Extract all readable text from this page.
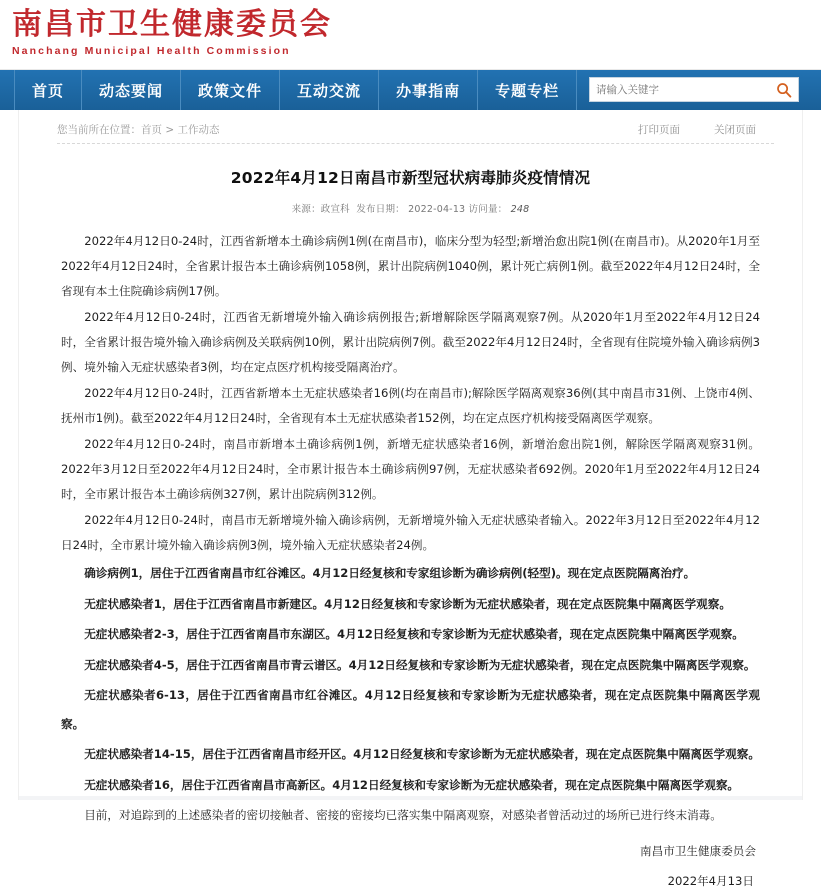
南昌市卫生健康委员会
Nanchang Municipal Health Commission
首页	动态要闻	政策文件	互动交流	办事指南	专题专栏
请输入关键字
您当前所在位置：首页 > 工作动态	打印页面	关闭页面
2022年4月12日南昌市新型冠状病毒肺炎疫情情况
来源：政宣科 发布日期： 2022-04-13 访问量： 248

2022年4月12日0-24时，江西省新增本土确诊病例1例(在南昌市)，临床分型为轻型;新增治愈出院1例(在南昌市)。从2020年1月至2022年4月12日24时，全省累计报告本土确诊病例1058例，累计出院病例1040例，累计死亡病例1例。截至2022年4月12日24时，全省现有本土住院确诊病例17例。

2022年4月12日0-24时，江西省无新增境外输入确诊病例报告;新增解除医学隔离观察7例。从2020年1月至2022年4月12日24时，全省累计报告境外输入确诊病例及关联病例10例，累计出院病例7例。截至2022年4月12日24时，全省现有住院境外输入确诊病例3例、境外输入无症状感染者3例，均在定点医疗机构接受隔离治疗。

2022年4月12日0-24时，江西省新增本土无症状感染者16例(均在南昌市);解除医学隔离观察36例(其中南昌市31例、上饶市4例、抚州市1例)。截至2022年4月12日24时，全省现有本土无症状感染者152例，均在定点医疗机构接受隔离医学观察。

2022年4月12日0-24时，南昌市新增本土确诊病例1例，新增无症状感染者16例，新增治愈出院1例，解除医学隔离观察31例。2022年3月12日至2022年4月12日24时，全市累计报告本土确诊病例97例，无症状感染者692例。2020年1月至2022年4月12日24时，全市累计报告本土确诊病例327例，累计出院病例312例。

2022年4月12日0-24时，南昌市无新增境外输入确诊病例，无新增境外输入无症状感染者输入。2022年3月12日至2022年4月12日24时，全市累计境外输入确诊病例3例，境外输入无症状感染者24例。

确诊病例1，居住于江西省南昌市红谷滩区。4月12日经复核和专家组诊断为确诊病例(轻型)。现在定点医院隔离治疗。

无症状感染者1，居住于江西省南昌市新建区。4月12日经复核和专家诊断为无症状感染者，现在定点医院集中隔离医学观察。

无症状感染者2-3，居住于江西省南昌市东湖区。4月12日经复核和专家诊断为无症状感染者，现在定点医院集中隔离医学观察。

无症状感染者4-5，居住于江西省南昌市青云谱区。4月12日经复核和专家诊断为无症状感染者，现在定点医院集中隔离医学观察。

无症状感染者6-13，居住于江西省南昌市红谷滩区。4月12日经复核和专家诊断为无症状感染者，现在定点医院集中隔离医学观察。

无症状感染者14-15，居住于江西省南昌市经开区。4月12日经复核和专家诊断为无症状感染者，现在定点医院集中隔离医学观察。

无症状感染者16，居住于江西省南昌市高新区。4月12日经复核和专家诊断为无症状感染者，现在定点医院集中隔离医学观察。

目前，对追踪到的上述感染者的密切接触者、密接的密接均已落实集中隔离观察，对感染者曾活动过的场所已进行终末消毒。

南昌市卫生健康委员会
2022年4月13日
